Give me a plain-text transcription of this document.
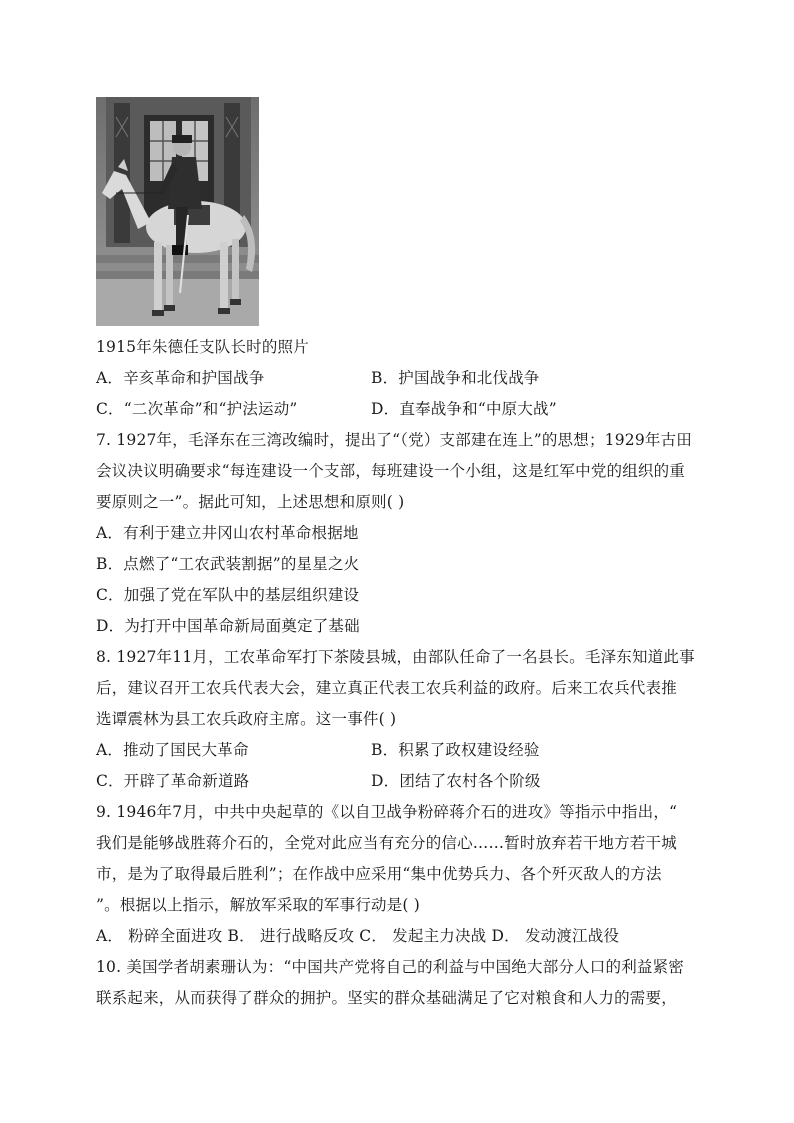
1915年朱德任支队长时的照片
A．辛亥革命和护国战争	B．护国战争和北伐战争
C．“二次革命”和“护法运动”	D．直奉战争和“中原大战”
7. 1927年，毛泽东在三湾改编时，提出了“（党）支部建在连上”的思想；1929年古田
会议决议明确要求“每连建设一个支部，每班建设一个小组，这是红军中党的组织的重
要原则之一”。据此可知，上述思想和原则( )
A．有利于建立井冈山农村革命根据地
B．点燃了“工农武装割据”的星星之火
C．加强了党在军队中的基层组织建设
D．为打开中国革命新局面奠定了基础
8. 1927年11月，工农革命军打下茶陵县城，由部队任命了一名县长。毛泽东知道此事
后，建议召开工农兵代表大会，建立真正代表工农兵利益的政府。后来工农兵代表推
选谭震林为县工农兵政府主席。这一事件( )
A．推动了国民大革命	B．积累了政权建设经验
C．开辟了革命新道路	D．团结了农村各个阶级
9. 1946年7月，中共中央起草的《以自卫战争粉碎蒋介石的进攻》等指示中指出，“
我们是能够战胜蒋介石的，全党对此应当有充分的信心……暂时放弃若干地方若干城
市，是为了取得最后胜利”；在作战中应采用“集中优势兵力、各个歼灭敌人的方法
”。根据以上指示，解放军采取的军事行动是( )
A． 粉碎全面进攻 B． 进行战略反攻 C． 发起主力决战 D． 发动渡江战役
10. 美国学者胡素珊认为：“中国共产党将自己的利益与中国绝大部分人口的利益紧密
联系起来，从而获得了群众的拥护。坚实的群众基础满足了它对粮食和人力的需要，
